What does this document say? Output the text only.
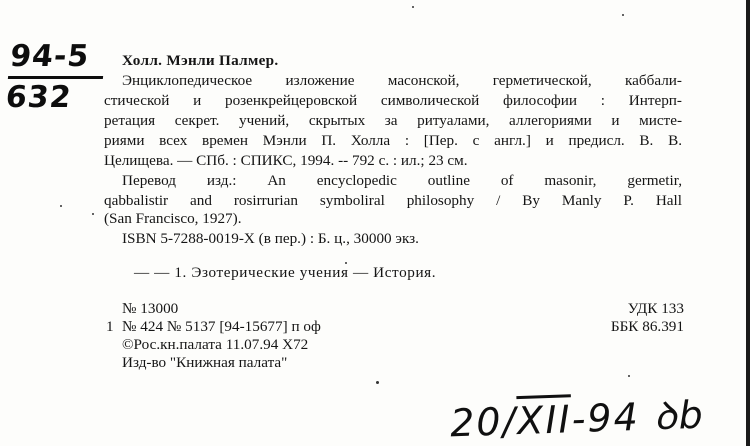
94-5
632
Холл. Мэнли Палмер.
Энциклопедическое изложение масонской, герметической, каббали-
стической и розенкрейцеровской символической философии : Интерп-
ретация секрет. учений, скрытых за ритуалами, аллегориями и мисте-
риями всех времен Мэнли П. Холла : [Пер. с англ.] и предисл. В. В.
Целищева. — СПб. : СПИКС, 1994. -- 792 с. : ил.; 23 см.
Перевод изд.: An encyclopedic outline of masonir, germetir,
qabbalistir and rosirrurian symboliral philosophy / By Manly P. Hall
(San Francisco, 1927).
ISBN 5-7288-0019-X (в пер.) : Б. ц., 30000 экз.
— — 1. Эзотерические учения — История.
№ 13000	УДК 133
1 № 424 № 5137 [94-15677] п оф	ББК 86.391
©Рос.кн.палата 11.07.94 Х72
Изд-во "Книжная палата"
$20/\overline{XII}-94$ ꝺb
